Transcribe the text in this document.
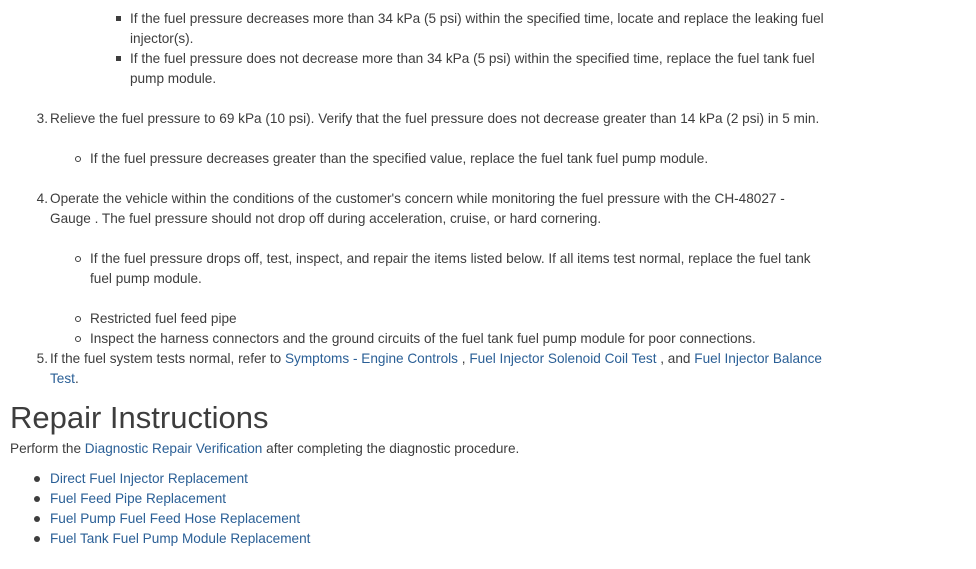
If the fuel pressure decreases more than 34 kPa (5 psi) within the specified time, locate and replace the leaking fuel
injector(s).
If the fuel pressure does not decrease more than 34 kPa (5 psi) within the specified time, replace the fuel tank fuel
pump module.
3. Relieve the fuel pressure to 69 kPa (10 psi). Verify that the fuel pressure does not decrease greater than 14 kPa (2 psi) in 5 min.
If the fuel pressure decreases greater than the specified value, replace the fuel tank fuel pump module.
4. Operate the vehicle within the conditions of the customer's concern while monitoring the fuel pressure with the CH-48027 -
Gauge . The fuel pressure should not drop off during acceleration, cruise, or hard cornering.
If the fuel pressure drops off, test, inspect, and repair the items listed below. If all items test normal, replace the fuel tank
fuel pump module.
Restricted fuel feed pipe
Inspect the harness connectors and the ground circuits of the fuel tank fuel pump module for poor connections.
5. If the fuel system tests normal, refer to Symptoms - Engine Controls , Fuel Injector Solenoid Coil Test , and Fuel Injector Balance
Test.
Repair Instructions
Perform the Diagnostic Repair Verification after completing the diagnostic procedure.
Direct Fuel Injector Replacement
Fuel Feed Pipe Replacement
Fuel Pump Fuel Feed Hose Replacement
Fuel Tank Fuel Pump Module Replacement
